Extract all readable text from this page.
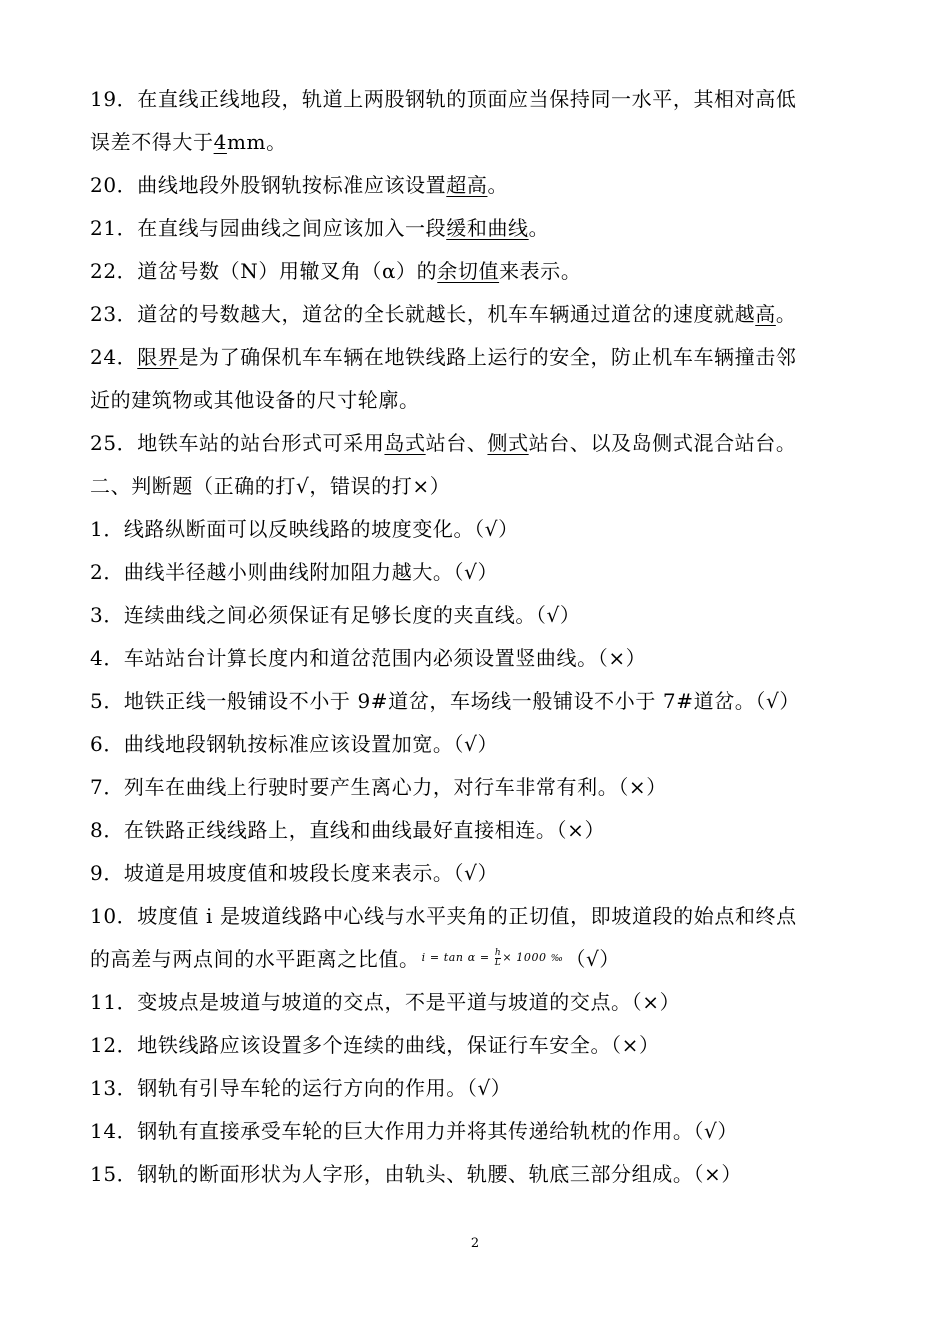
19．在直线正线地段，轨道上两股钢轨的顶面应当保持同一水平，其相对高低
误差不得大于4mm。
20．曲线地段外股钢轨按标准应该设置超高。
21．在直线与园曲线之间应该加入一段缓和曲线。
22．道岔号数（N）用辙叉角（α）的余切值来表示。
23．道岔的号数越大，道岔的全长就越长，机车车辆通过道岔的速度就越高。
24．限界是为了确保机车车辆在地铁线路上运行的安全，防止机车车辆撞击邻
近的建筑物或其他设备的尺寸轮廓。
25．地铁车站的站台形式可采用岛式站台、侧式站台、以及岛侧式混合站台。
二、判断题（正确的打√，错误的打×）
1．线路纵断面可以反映线路的坡度变化。（√）
2．曲线半径越小则曲线附加阻力越大。（√）
3．连续曲线之间必须保证有足够长度的夹直线。（√）
4．车站站台计算长度内和道岔范围内必须设置竖曲线。（×）
5．地铁正线一般铺设不小于 9#道岔，车场线一般铺设不小于 7#道岔。（√）
6．曲线地段钢轨按标准应该设置加宽。（√）
7．列车在曲线上行驶时要产生离心力，对行车非常有利。（×）
8．在铁路正线线路上，直线和曲线最好直接相连。（×）
9．坡道是用坡度值和坡段长度来表示。（√）
10．坡度值 i 是坡道线路中心线与水平夹角的正切值，即坡道段的始点和终点
的高差与两点间的水平距离之比值。 $i = \tan \alpha = \frac{h}{L} \times 1000$ ‰ （√）
11．变坡点是坡道与坡道的交点，不是平道与坡道的交点。（×）
12．地铁线路应该设置多个连续的曲线，保证行车安全。（×）
13．钢轨有引导车轮的运行方向的作用。（√）
14．钢轨有直接承受车轮的巨大作用力并将其传递给轨枕的作用。（√）
15．钢轨的断面形状为人字形，由轨头、轨腰、轨底三部分组成。（×）
2
